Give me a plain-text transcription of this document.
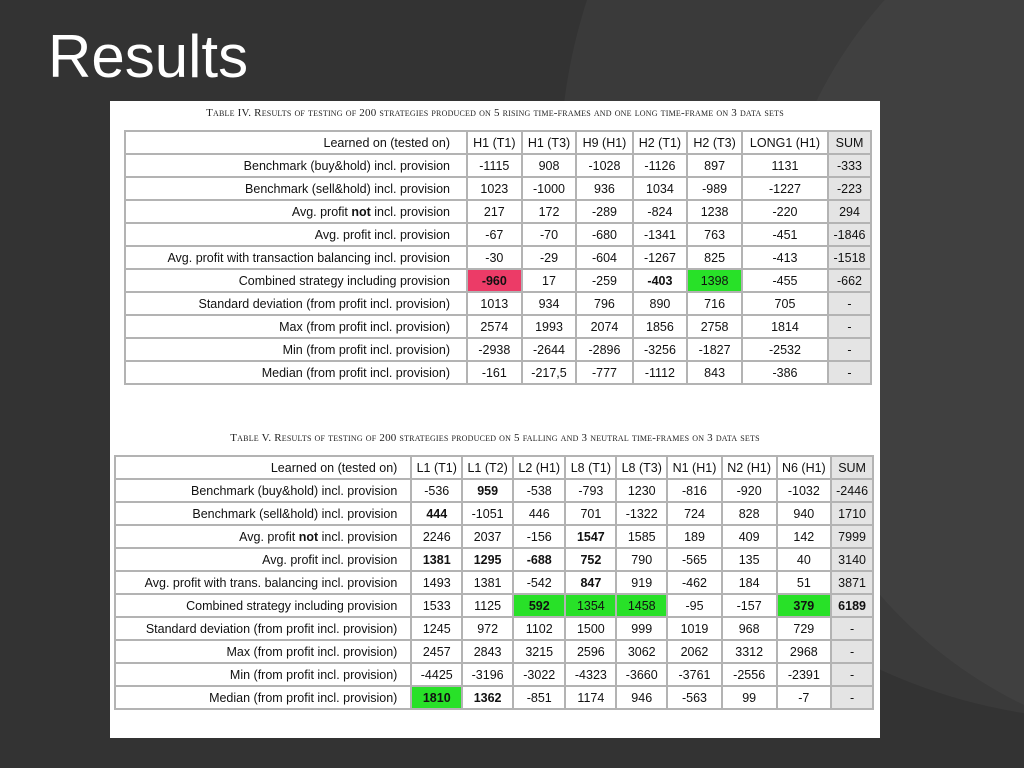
Results
Table IV. Results of testing of 200 strategies produced on 5 rising time-frames and one long time-frame on 3 data sets
Learned on (tested on)	H1 (T1)	H1 (T3)	H9 (H1)	H2 (T1)	H2 (T3)	LONG1 (H1)	SUM
Benchmark (buy&hold) incl. provision	-1115	908	-1028	-1126	897	1131	-333
Benchmark (sell&hold) incl. provision	1023	-1000	936	1034	-989	-1227	-223
Avg. profit not incl. provision	217	172	-289	-824	1238	-220	294
Avg. profit incl. provision	-67	-70	-680	-1341	763	-451	-1846
Avg. profit with transaction balancing incl. provision	-30	-29	-604	-1267	825	-413	-1518
Combined strategy including provision	-960	17	-259	-403	1398	-455	-662
Standard deviation (from profit incl. provision)	1013	934	796	890	716	705	-
Max (from profit incl. provision)	2574	1993	2074	1856	2758	1814	-
Min (from profit incl. provision)	-2938	-2644	-2896	-3256	-1827	-2532	-
Median (from profit incl. provision)	-161	-217,5	-777	-1112	843	-386	-
Table V. Results of testing of 200 strategies produced on 5 falling and 3 neutral time-frames on 3 data sets
Learned on (tested on)	L1 (T1)	L1 (T2)	L2 (H1)	L8 (T1)	L8 (T3)	N1 (H1)	N2 (H1)	N6 (H1)	SUM
Benchmark (buy&hold) incl. provision	-536	959	-538	-793	1230	-816	-920	-1032	-2446
Benchmark (sell&hold) incl. provision	444	-1051	446	701	-1322	724	828	940	1710
Avg. profit not incl. provision	2246	2037	-156	1547	1585	189	409	142	7999
Avg. profit incl. provision	1381	1295	-688	752	790	-565	135	40	3140
Avg. profit with trans. balancing incl. provision	1493	1381	-542	847	919	-462	184	51	3871
Combined strategy including provision	1533	1125	592	1354	1458	-95	-157	379	6189
Standard deviation (from profit incl. provision)	1245	972	1102	1500	999	1019	968	729	-
Max (from profit incl. provision)	2457	2843	3215	2596	3062	2062	3312	2968	-
Min (from profit incl. provision)	-4425	-3196	-3022	-4323	-3660	-3761	-2556	-2391	-
Median (from profit incl. provision)	1810	1362	-851	1174	946	-563	99	-7	-
